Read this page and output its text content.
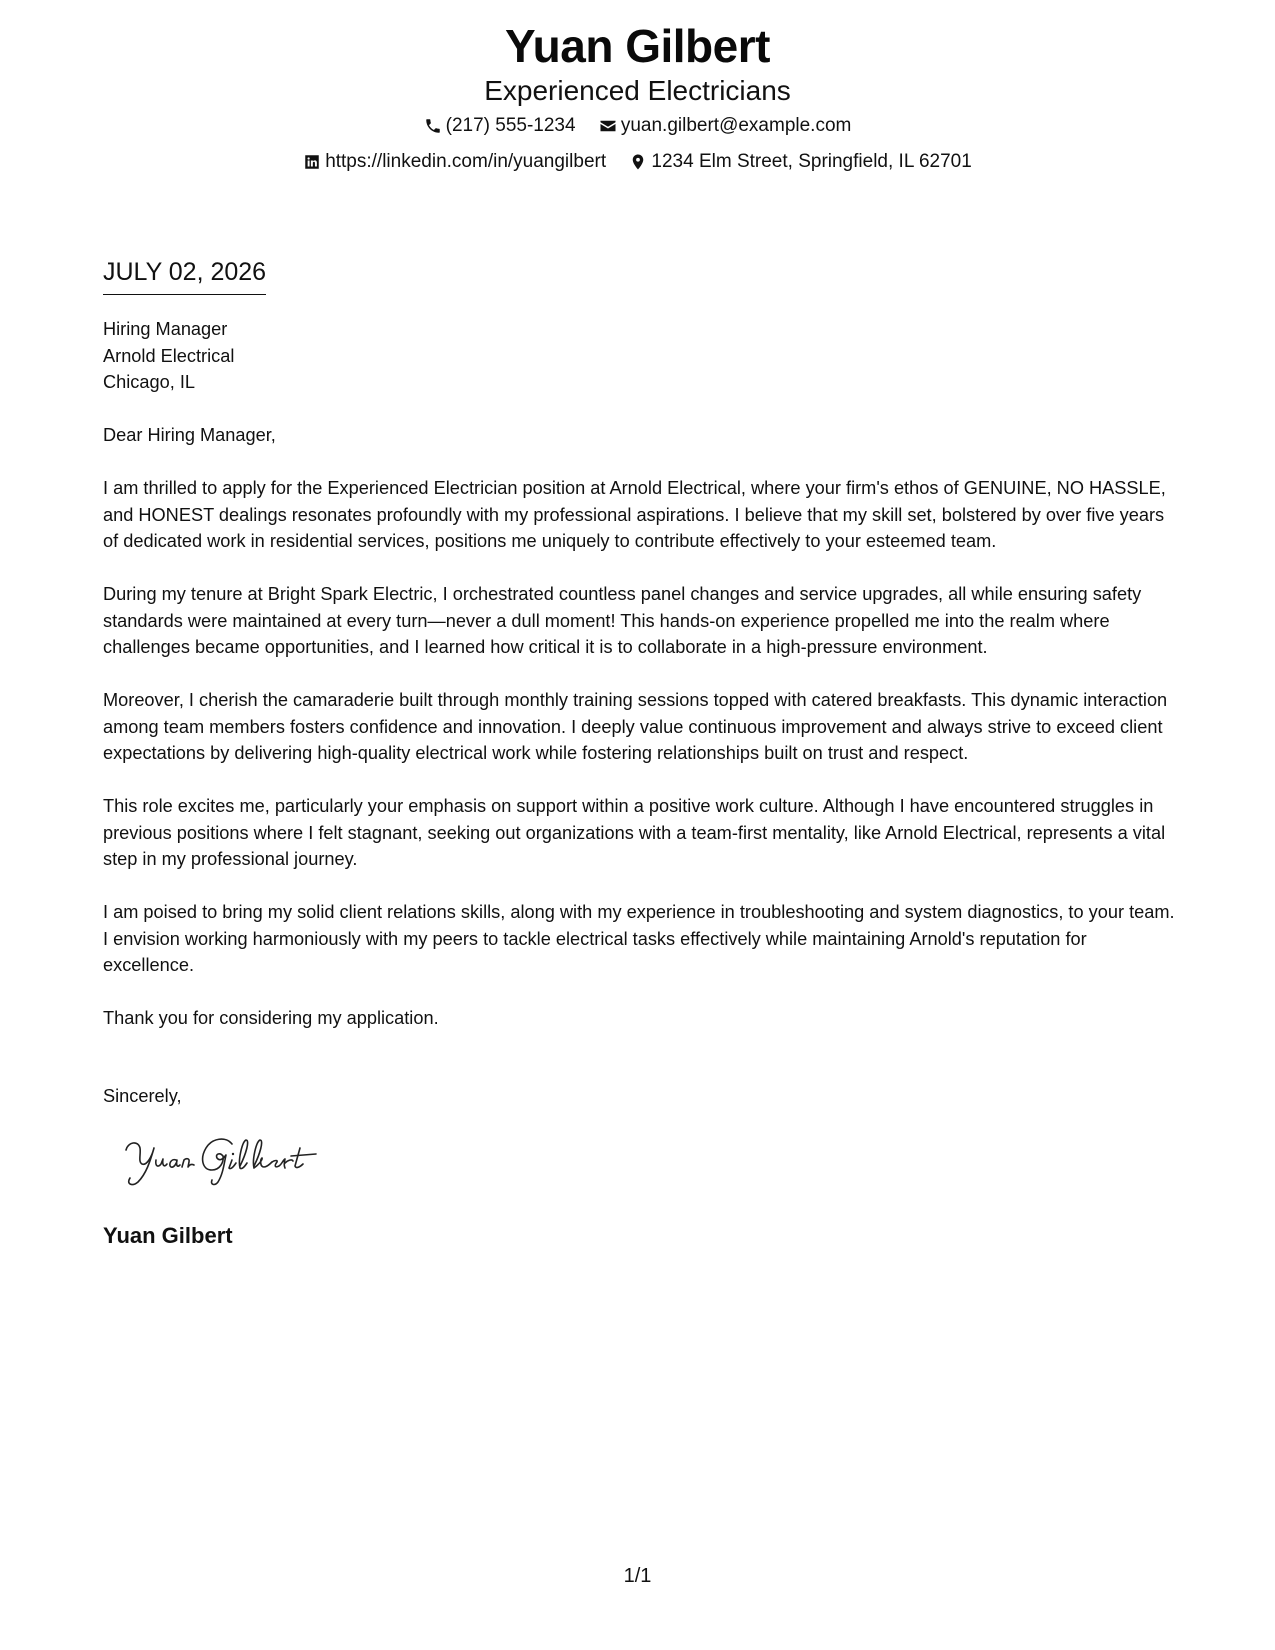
Yuan Gilbert
Experienced Electricians
(217) 555-1234
yuan.gilbert@example.com
https://linkedin.com/in/yuangilbert
1234 Elm Street, Springfield, IL 62701
JULY 02, 2026
Hiring Manager
Arnold Electrical
Chicago, IL
Dear Hiring Manager,
I am thrilled to apply for the Experienced Electrician position at Arnold Electrical, where your firm's ethos of GENUINE, NO HASSLE, and HONEST dealings resonates profoundly with my professional aspirations. I believe that my skill set, bolstered by over five years of dedicated work in residential services, positions me uniquely to contribute effectively to your esteemed team.
During my tenure at Bright Spark Electric, I orchestrated countless panel changes and service upgrades, all while ensuring safety standards were maintained at every turn—never a dull moment! This hands-on experience propelled me into the realm where challenges became opportunities, and I learned how critical it is to collaborate in a high-pressure environment.
Moreover, I cherish the camaraderie built through monthly training sessions topped with catered breakfasts. This dynamic interaction among team members fosters confidence and innovation. I deeply value continuous improvement and always strive to exceed client expectations by delivering high-quality electrical work while fostering relationships built on trust and respect.
This role excites me, particularly your emphasis on support within a positive work culture. Although I have encountered struggles in previous positions where I felt stagnant, seeking out organizations with a team-first mentality, like Arnold Electrical, represents a vital step in my professional journey.
I am poised to bring my solid client relations skills, along with my experience in troubleshooting and system diagnostics, to your team. I envision working harmoniously with my peers to tackle electrical tasks effectively while maintaining Arnold's reputation for excellence.
Thank you for considering my application.
Sincerely,
Yuan Gilbert
1/1
